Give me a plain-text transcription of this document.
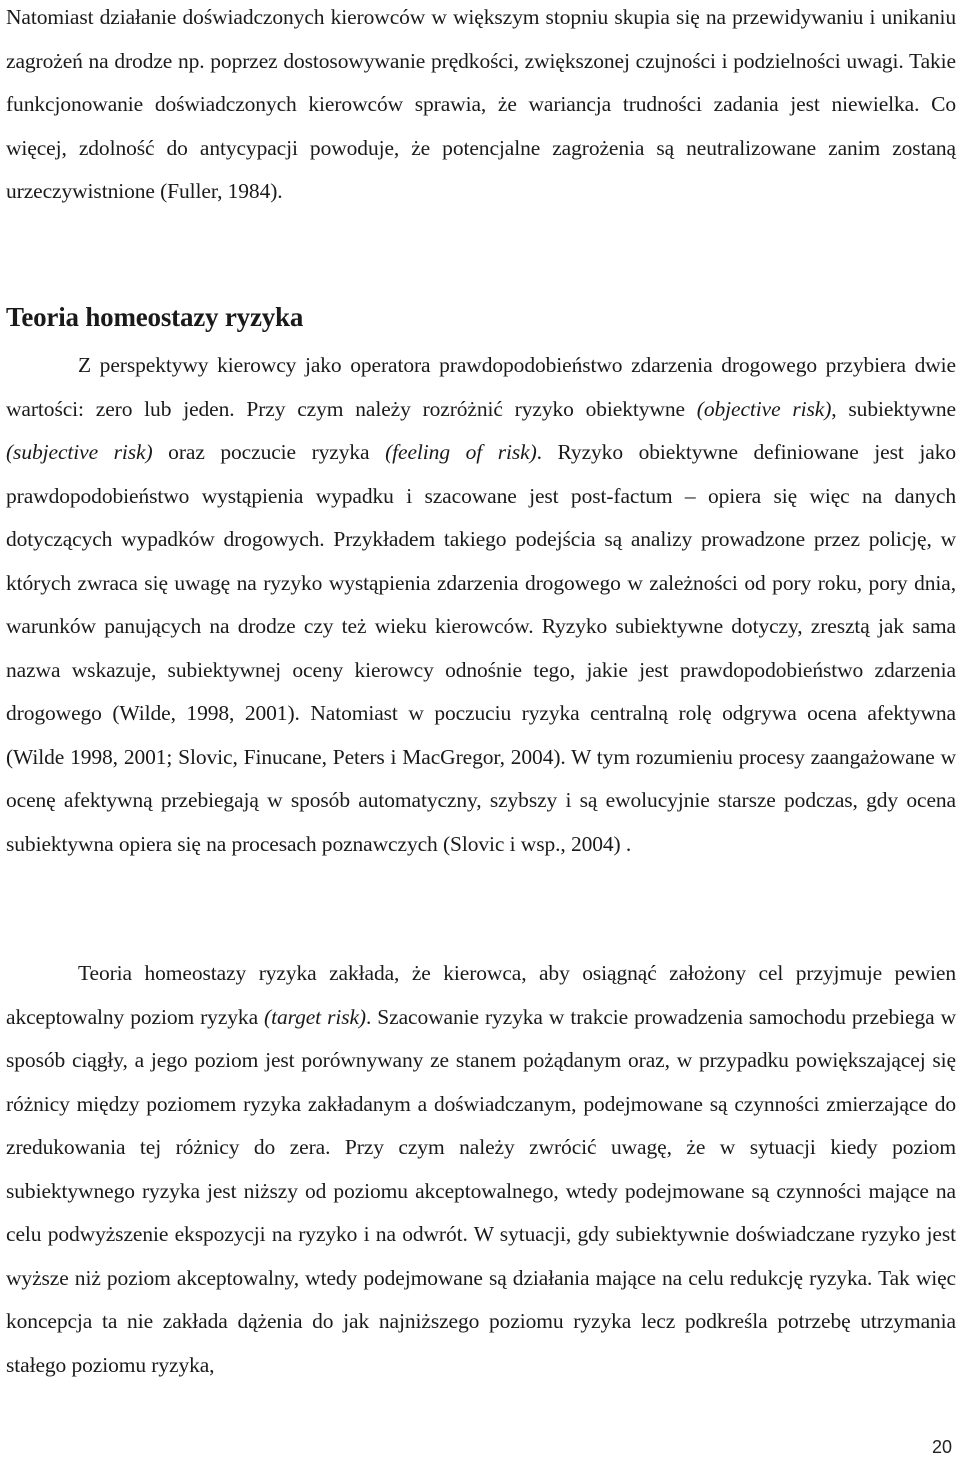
Natomiast działanie doświadczonych kierowców w większym stopniu skupia się na przewidywaniu i unikaniu zagrożeń na drodze np. poprzez dostosowywanie prędkości, zwiększonej czujności i podzielności uwagi. Takie funkcjonowanie doświadczonych kierowców sprawia, że wariancja trudności zadania jest niewielka. Co więcej, zdolność do antycypacji powoduje, że potencjalne zagrożenia są neutralizowane zanim zostaną urzeczywistnione (Fuller, 1984).

Teoria homeostazy ryzyka

Z perspektywy kierowcy jako operatora prawdopodobieństwo zdarzenia drogowego przybiera dwie wartości: zero lub jeden. Przy czym należy rozróżnić ryzyko obiektywne (objective risk), subiektywne (subjective risk) oraz poczucie ryzyka (feeling of risk). Ryzyko obiektywne definiowane jest jako prawdopodobieństwo wystąpienia wypadku i szacowane jest post-factum – opiera się więc na danych dotyczących wypadków drogowych. Przykładem takiego podejścia są analizy prowadzone przez policję, w których zwraca się uwagę na ryzyko wystąpienia zdarzenia drogowego w zależności od pory roku, pory dnia, warunków panujących na drodze czy też wieku kierowców. Ryzyko subiektywne dotyczy, zresztą jak sama nazwa wskazuje, subiektywnej oceny kierowcy odnośnie tego, jakie jest prawdopodobieństwo zdarzenia drogowego (Wilde, 1998, 2001). Natomiast w poczuciu ryzyka centralną rolę odgrywa ocena afektywna (Wilde 1998, 2001; Slovic, Finucane, Peters i MacGregor, 2004). W tym rozumieniu procesy zaangażowane w ocenę afektywną przebiegają w sposób automatyczny, szybszy i są ewolucyjnie starsze podczas, gdy ocena subiektywna opiera się na procesach poznawczych (Slovic i wsp., 2004) .

Teoria homeostazy ryzyka zakłada, że kierowca, aby osiągnąć założony cel przyjmuje pewien akceptowalny poziom ryzyka (target risk). Szacowanie ryzyka w trakcie prowadzenia samochodu przebiega w sposób ciągły, a jego poziom jest porównywany ze stanem pożądanym oraz, w przypadku powiększającej się różnicy między poziomem ryzyka zakładanym a doświadczanym, podejmowane są czynności zmierzające do zredukowania tej różnicy do zera. Przy czym należy zwrócić uwagę, że w sytuacji kiedy poziom subiektywnego ryzyka jest niższy od poziomu akceptowalnego, wtedy podejmowane są czynności mające na celu podwyższenie ekspozycji na ryzyko i na odwrót. W sytuacji, gdy subiektywnie doświadczane ryzyko jest wyższe niż poziom akceptowalny, wtedy podejmowane są działania mające na celu redukcję ryzyka. Tak więc koncepcja ta nie zakłada dążenia do jak najniższego poziomu ryzyka lecz podkreśla potrzebę utrzymania stałego poziomu ryzyka,

20
